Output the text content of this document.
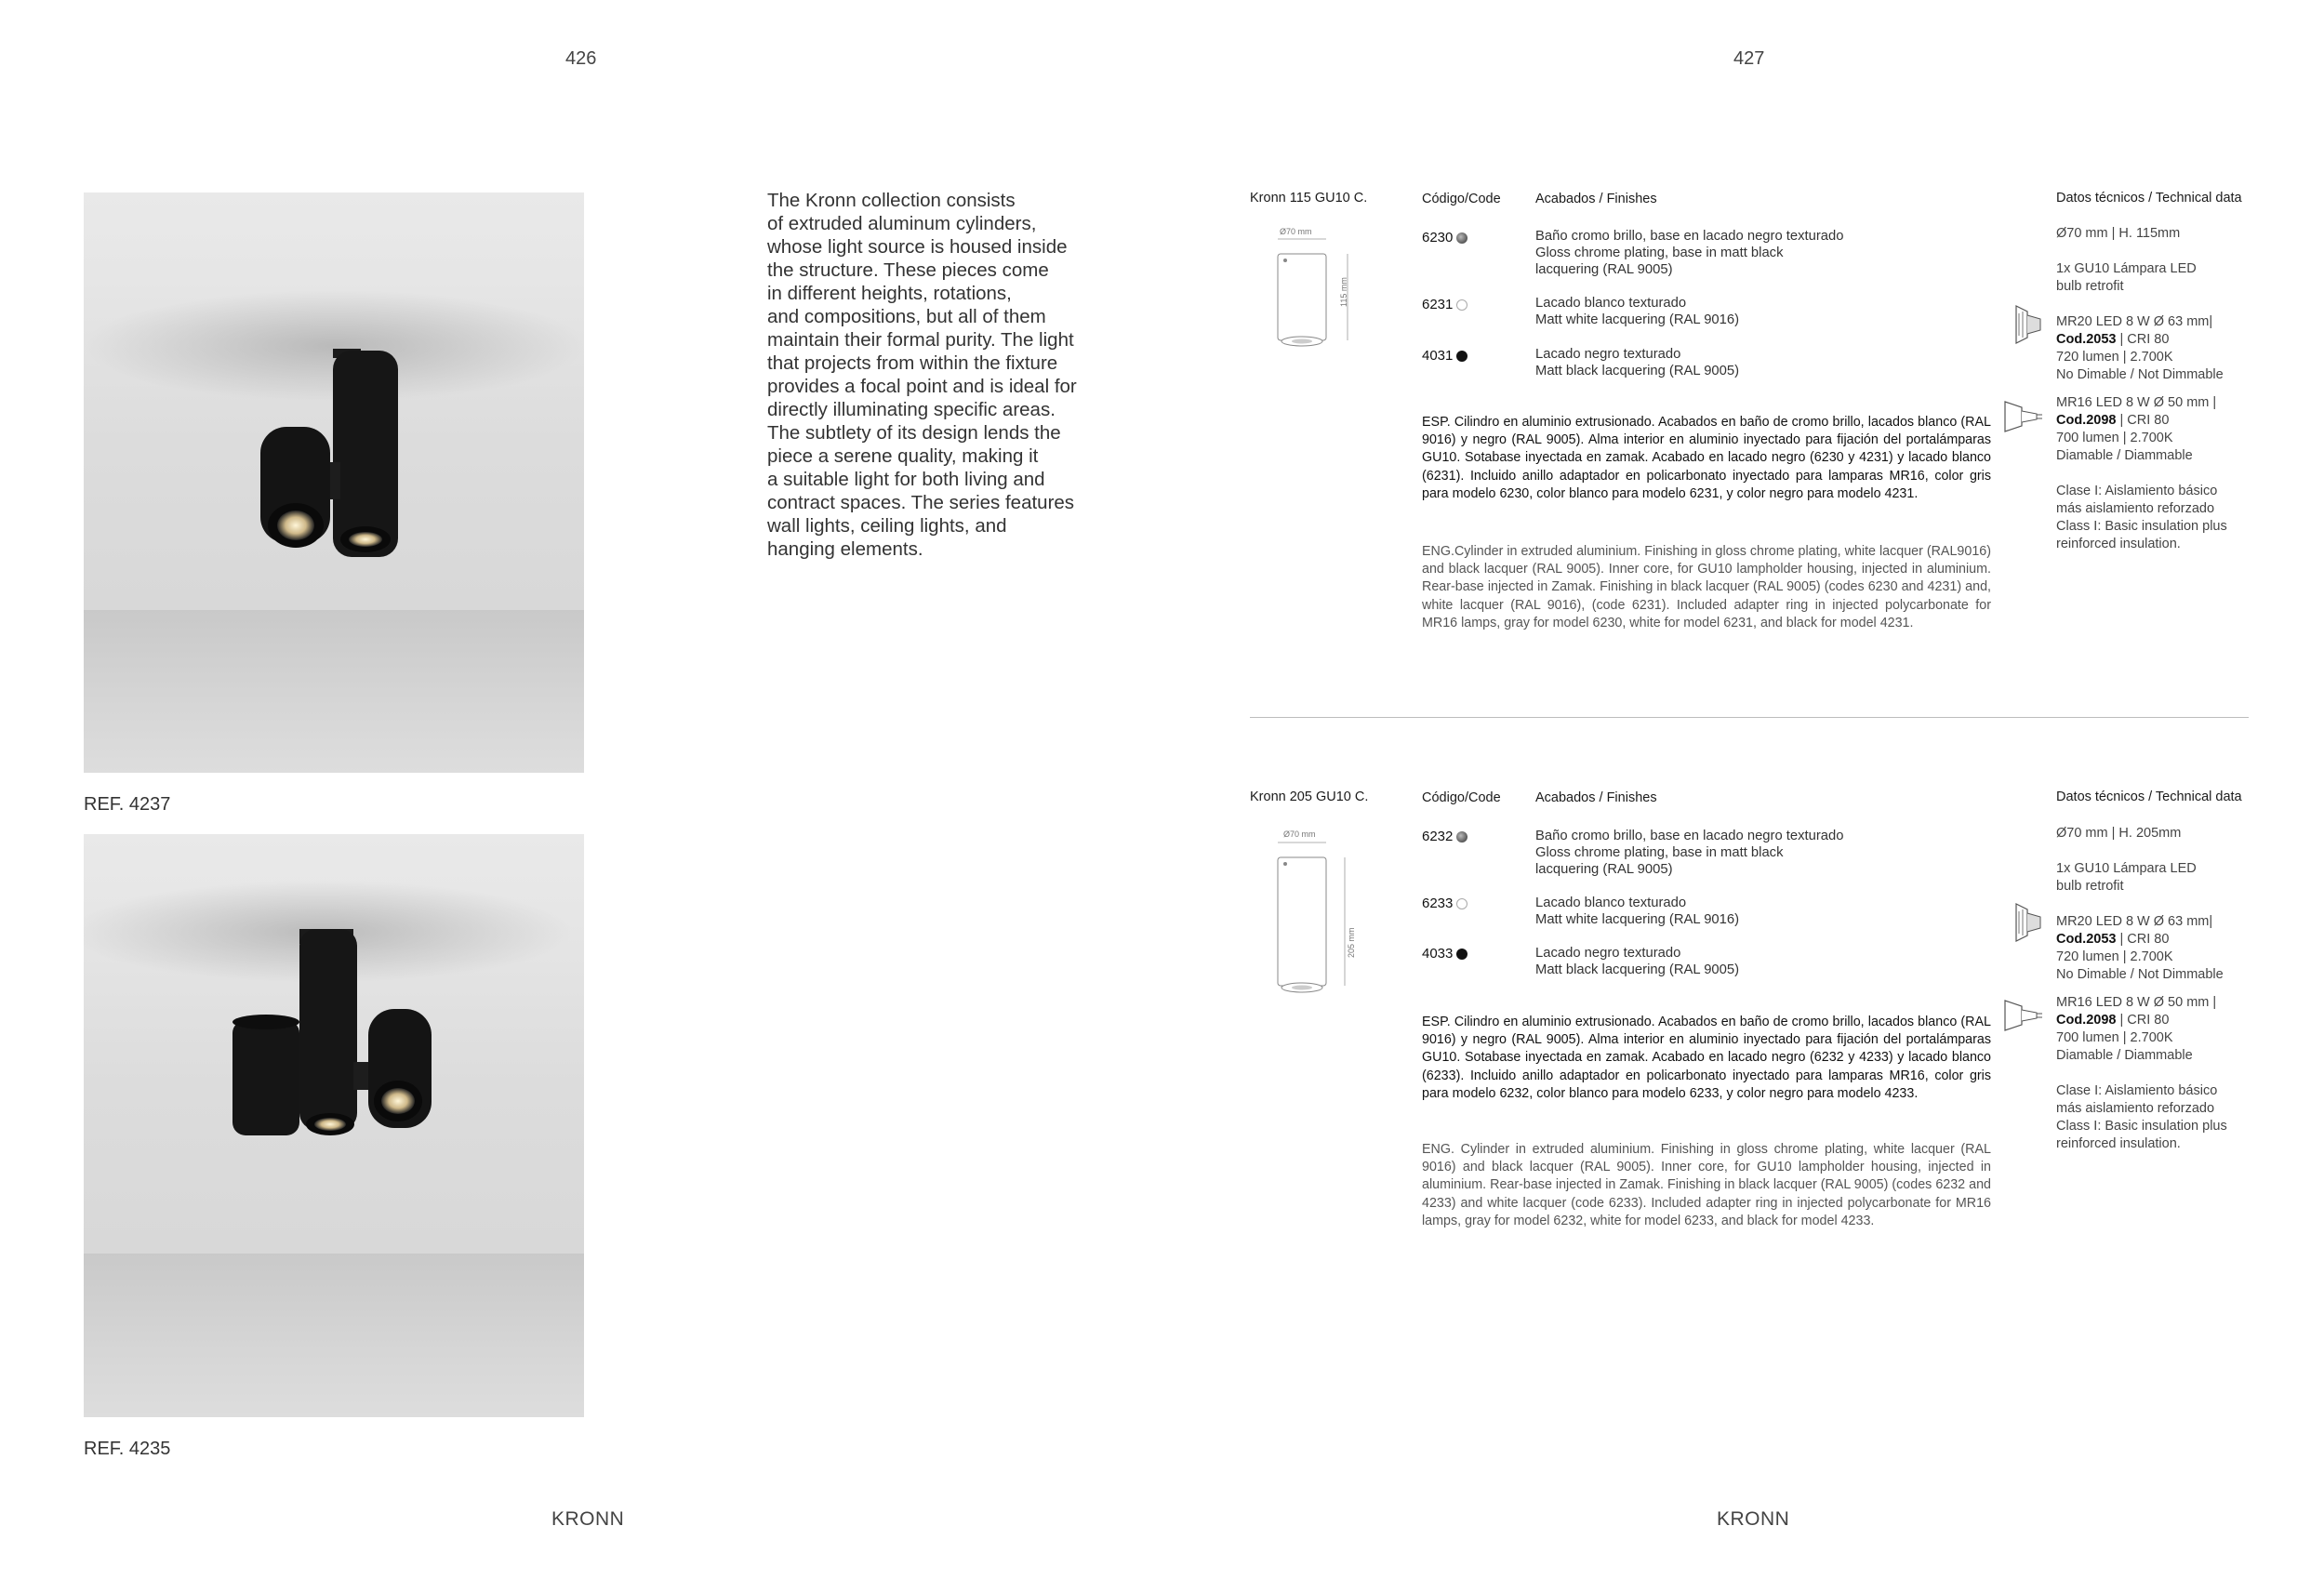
426
REF. 4237
REF. 4235
The Kronn collection consists
of extruded aluminum cylinders,
whose light source is housed inside
the structure. These pieces come
in different heights, rotations,
and compositions, but all of them
maintain their formal purity. The light
that projects from within the fixture
provides a focal point and is ideal for
directly illuminating specific areas.
The subtlety of its design lends the
piece a serene quality, making it
a suitable light for both living and
contract spaces. The series features
wall lights, ceiling lights, and
hanging elements.
KRONN
427
Kronn 115 GU10 C.	Código/Code	Acabados / Finishes	Datos técnicos / Technical data
Ø70 mm
115 mm
6230	Baño cromo brillo, base en lacado negro texturado
Gloss chrome plating, base in matt black
lacquering (RAL 9005)
6231	Lacado blanco texturado
Matt white lacquering (RAL 9016)
4031	Lacado negro texturado
Matt black lacquering (RAL 9005)
ESP. Cilindro en aluminio extrusionado. Acabados en baño de cromo brillo, lacados blanco (RAL 9016) y negro (RAL 9005). Alma interior en aluminio inyectado para fijación del portalámparas GU10. Sotabase inyectada en zamak. Acabado en lacado negro (6230 y 4231) y lacado blanco (6231). Incluido anillo adaptador en policarbonato inyectado para lamparas MR16, color gris para modelo 6230, color blanco para modelo 6231, y color negro para modelo 4231.
ENG.Cylinder in extruded aluminium. Finishing in gloss chrome plating, white lacquer (RAL9016) and black lacquer (RAL 9005). Inner core, for GU10 lampholder housing, injected in aluminium. Rear-base injected in Zamak. Finishing in black lacquer (RAL 9005) (codes 6230 and 4231) and, white lacquer (RAL 9016), (code 6231). Included adapter ring in injected polycarbonate for MR16 lamps, gray for model 6230, white for model 6231, and black for model 4231.
Ø70 mm | H. 115mm
1x GU10 Lámpara LED
bulb retrofit
MR20 LED 8 W Ø 63 mm|
Cod.2053 | CRI 80
720 lumen | 2.700K
No Dimable / Not Dimmable
MR16 LED 8 W Ø 50 mm |
Cod.2098 | CRI 80
700 lumen | 2.700K
Diamable / Diammable
Clase I: Aislamiento básico
más aislamiento reforzado
Class I: Basic insulation plus
reinforced insulation.
Kronn 205 GU10 C.	Código/Code	Acabados / Finishes	Datos técnicos / Technical data
Ø70 mm
205 mm
6232	Baño cromo brillo, base en lacado negro texturado
Gloss chrome plating, base in matt black
lacquering (RAL 9005)
6233	Lacado blanco texturado
Matt white lacquering (RAL 9016)
4033	Lacado negro texturado
Matt black lacquering (RAL 9005)
ESP. Cilindro en aluminio extrusionado. Acabados en baño de cromo brillo, lacados blanco (RAL 9016) y negro (RAL 9005). Alma interior en aluminio inyectado para fijación del portalámparas GU10. Sotabase inyectada en zamak. Acabado en lacado negro (6232 y 4233) y lacado blanco (6233). Incluido anillo adaptador en policarbonato inyectado para lamparas MR16, color gris para modelo 6232, color blanco para modelo 6233, y color negro para modelo 4233.
ENG. Cylinder in extruded aluminium. Finishing in gloss chrome plating, white lacquer (RAL 9016) and black lacquer (RAL 9005). Inner core, for GU10 lampholder housing, injected in aluminium. Rear-base injected in Zamak. Finishing in black lacquer (RAL 9005) (codes 6232 and 4233) and white lacquer (code 6233). Included adapter ring in injected polycarbonate for MR16 lamps, gray for model 6232, white for model 6233, and black for model 4233.
Ø70 mm | H. 205mm
1x GU10 Lámpara LED
bulb retrofit
MR20 LED 8 W Ø 63 mm|
Cod.2053 | CRI 80
720 lumen | 2.700K
No Dimable / Not Dimmable
MR16 LED 8 W Ø 50 mm |
Cod.2098 | CRI 80
700 lumen | 2.700K
Diamable / Diammable
Clase I: Aislamiento básico
más aislamiento reforzado
Class I: Basic insulation plus
reinforced insulation.
KRONN
